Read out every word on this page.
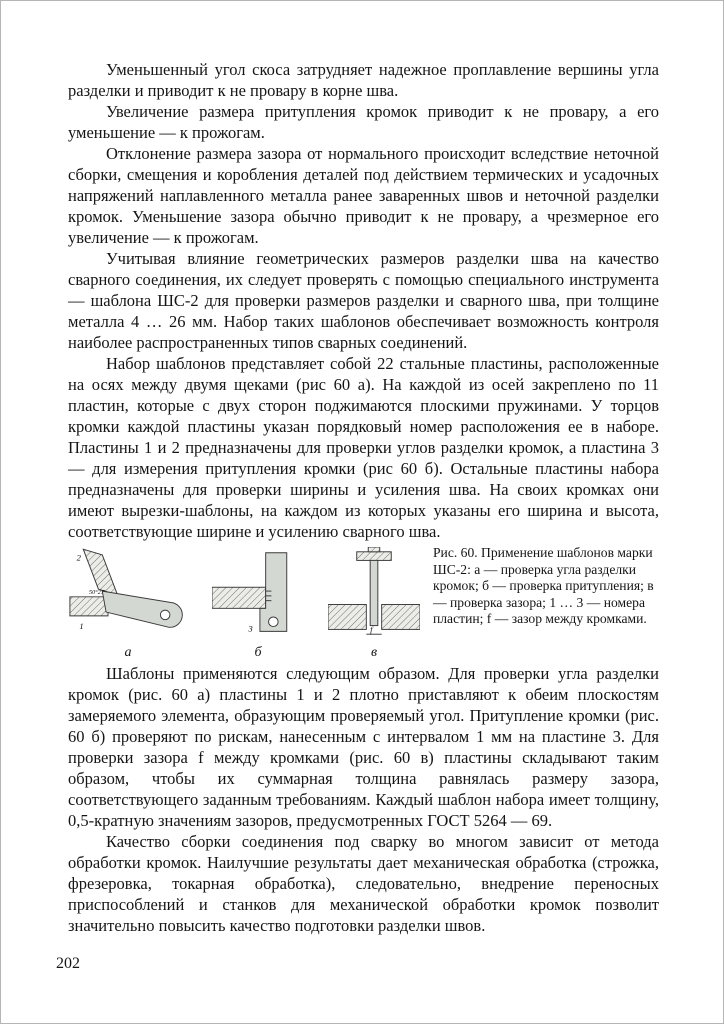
Уменьшенный угол скоса затрудняет надежное проплавление вершины угла разделки и приводит к не провару в корне шва.

Увеличение размера притупления кромок приводит к не провару, а его уменьшение — к прожогам.

Отклонение размера зазора от нормального происходит вследствие неточной сборки, смещения и коробления деталей под действием термических и усадочных напряжений наплавленного металла ранее заваренных швов и неточной разделки кромок. Уменьшение зазора обычно приводит к не провару, а чрезмерное его увеличение — к прожогам.

Учитывая влияние геометрических размеров разделки шва на качество сварного соединения, их следует проверять с помощью специального инструмента — шаблона ШС-2 для проверки размеров разделки и сварного шва, при толщине металла 4 … 26 мм. Набор таких шаблонов обеспечивает возможность контроля наиболее распространенных типов сварных соединений.

Набор шаблонов представляет собой 22 стальные пластины, расположенные на осях между двумя щеками (рис 60 а). На каждой из осей закреплено по 11 пластин, которые с двух сторон поджимаются плоскими пружинами. У торцов кромки каждой пластины указан порядковый номер расположения ее в наборе. Пластины 1 и 2 предназначены для проверки углов разделки кромок, а пластина 3 — для измерения притупления кромки (рис 60 б). Остальные пластины набора предназначены для проверки ширины и усиления шва. На своих кромках они имеют вырезки-шаблоны, на каждом из которых указаны его ширина и высота, соответствующие ширине и усилению сварного шва.

2
1
50°27′
а
3
б
f
в
Рис. 60. Применение шаблонов марки ШС-2: а — проверка угла разделки кромок; б — проверка притупления; в — проверка зазора; 1 … 3 — номера пластин; f — зазор между кромками.

Шаблоны применяются следующим образом. Для проверки угла разделки кромок (рис. 60 а) пластины 1 и 2 плотно приставляют к обеим плоскостям замеряемого элемента, образующим проверяемый угол. Притупление кромки (рис. 60 б) проверяют по рискам, нанесенным с интервалом 1 мм на пластине 3. Для проверки зазора f между кромками (рис. 60 в) пластины складывают таким образом, чтобы их суммарная толщина равнялась размеру зазора, соответствующего заданным требованиям. Каждый шаблон набора имеет толщину, 0,5-кратную значениям зазоров, предусмотренных ГОСТ 5264 — 69.

Качество сборки соединения под сварку во многом зависит от метода обработки кромок. Наилучшие результаты дает механическая обработка (строжка, фрезеровка, токарная обработка), следовательно, внедрение переносных приспособлений и станков для механической обработки кромок позволит значительно повысить качество подготовки разделки швов.

202
